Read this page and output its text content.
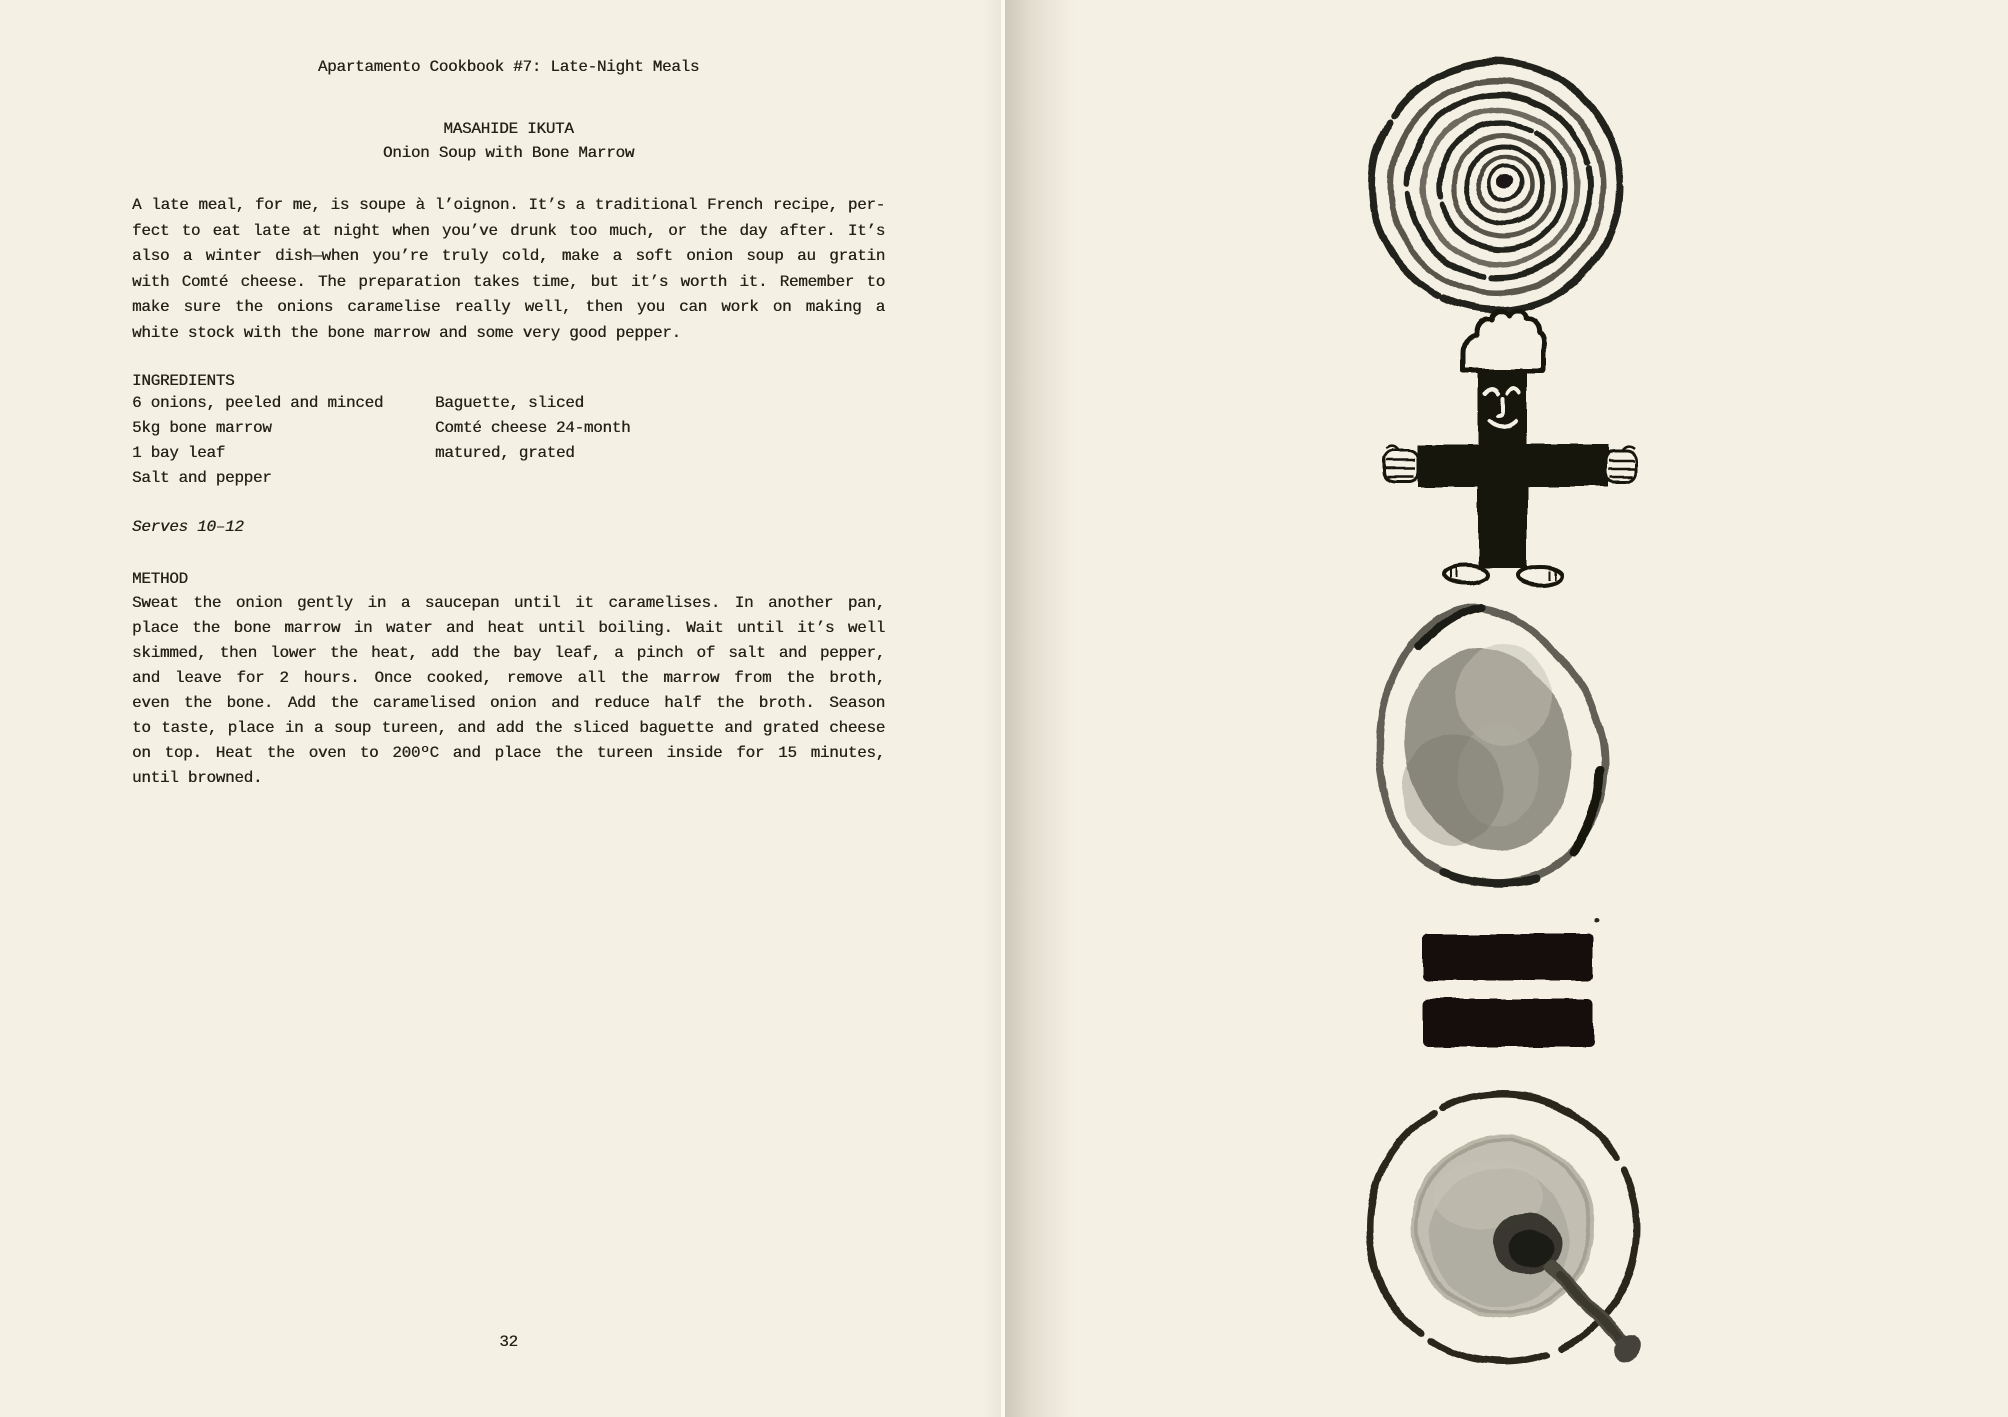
Apartamento Cookbook #7: Late-Night Meals
MASAHIDE IKUTA
Onion Soup with Bone Marrow
A late meal, for me, is soupe à l’oignon. It’s a traditional French recipe, per-
fect to eat late at night when you’ve drunk too much, or the day after. It’s
also a winter dish—when you’re truly cold, make a soft onion soup au gratin
with Comté cheese. The preparation takes time, but it’s worth it. Remember to
make sure the onions caramelise really well, then you can work on making a
white stock with the bone marrow and some very good pepper.
INGREDIENTS
6 onions, peeled and minced
5kg bone marrow
1 bay leaf
Salt and pepper
Baguette, sliced
Comté cheese 24-month
matured, grated
Serves 10–12
METHOD
Sweat the onion gently in a saucepan until it caramelises. In another pan,
place the bone marrow in water and heat until boiling. Wait until it’s well
skimmed, then lower the heat, add the bay leaf, a pinch of salt and pepper,
and leave for 2 hours. Once cooked, remove all the marrow from the broth,
even the bone. Add the caramelised onion and reduce half the broth. Season
to taste, place in a soup tureen, and add the sliced baguette and grated cheese
on top. Heat the oven to 200ºC and place the tureen inside for 15 minutes,
until browned.
32
